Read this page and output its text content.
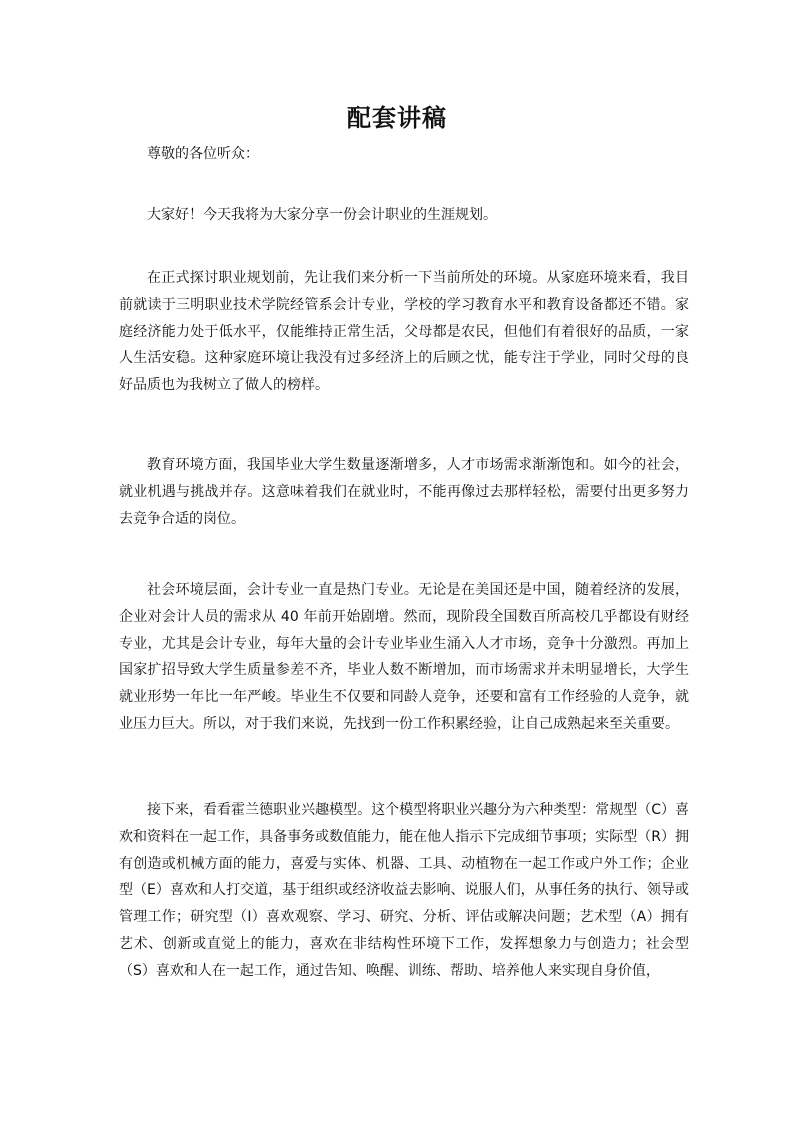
配套讲稿
尊敬的各位听众：
大家好！今天我将为大家分享一份会计职业的生涯规划。
在正式探讨职业规划前，先让我们来分析一下当前所处的环境。从家庭环境来看，我目前就读于三明职业技术学院经管系会计专业，学校的学习教育水平和教育设备都还不错。家庭经济能力处于低水平，仅能维持正常生活，父母都是农民，但他们有着很好的品质，一家人生活安稳。这种家庭环境让我没有过多经济上的后顾之忧，能专注于学业，同时父母的良好品质也为我树立了做人的榜样。
教育环境方面，我国毕业大学生数量逐渐增多，人才市场需求渐渐饱和。如今的社会，就业机遇与挑战并存。这意味着我们在就业时，不能再像过去那样轻松，需要付出更多努力去竞争合适的岗位。
社会环境层面，会计专业一直是热门专业。无论是在美国还是中国，随着经济的发展，企业对会计人员的需求从 40 年前开始剧增。然而，现阶段全国数百所高校几乎都设有财经专业，尤其是会计专业，每年大量的会计专业毕业生涌入人才市场，竞争十分激烈。再加上国家扩招导致大学生质量参差不齐，毕业人数不断增加，而市场需求并未明显增长，大学生就业形势一年比一年严峻。毕业生不仅要和同龄人竞争，还要和富有工作经验的人竞争，就业压力巨大。所以，对于我们来说，先找到一份工作积累经验，让自己成熟起来至关重要。
接下来，看看霍兰德职业兴趣模型。这个模型将职业兴趣分为六种类型：常规型（C）喜欢和资料在一起工作，具备事务或数值能力，能在他人指示下完成细节事项；实际型（R）拥有创造或机械方面的能力，喜爱与实体、机器、工具、动植物在一起工作或户外工作；企业型（E）喜欢和人打交道，基于组织或经济收益去影响、说服人们，从事任务的执行、领导或管理工作；研究型（I）喜欢观察、学习、研究、分析、评估或解决问题；艺术型（A）拥有艺术、创新或直觉上的能力，喜欢在非结构性环境下工作，发挥想象力与创造力；社会型（S）喜欢和人在一起工作，通过告知、唤醒、训练、帮助、培养他人来实现自身价值，
